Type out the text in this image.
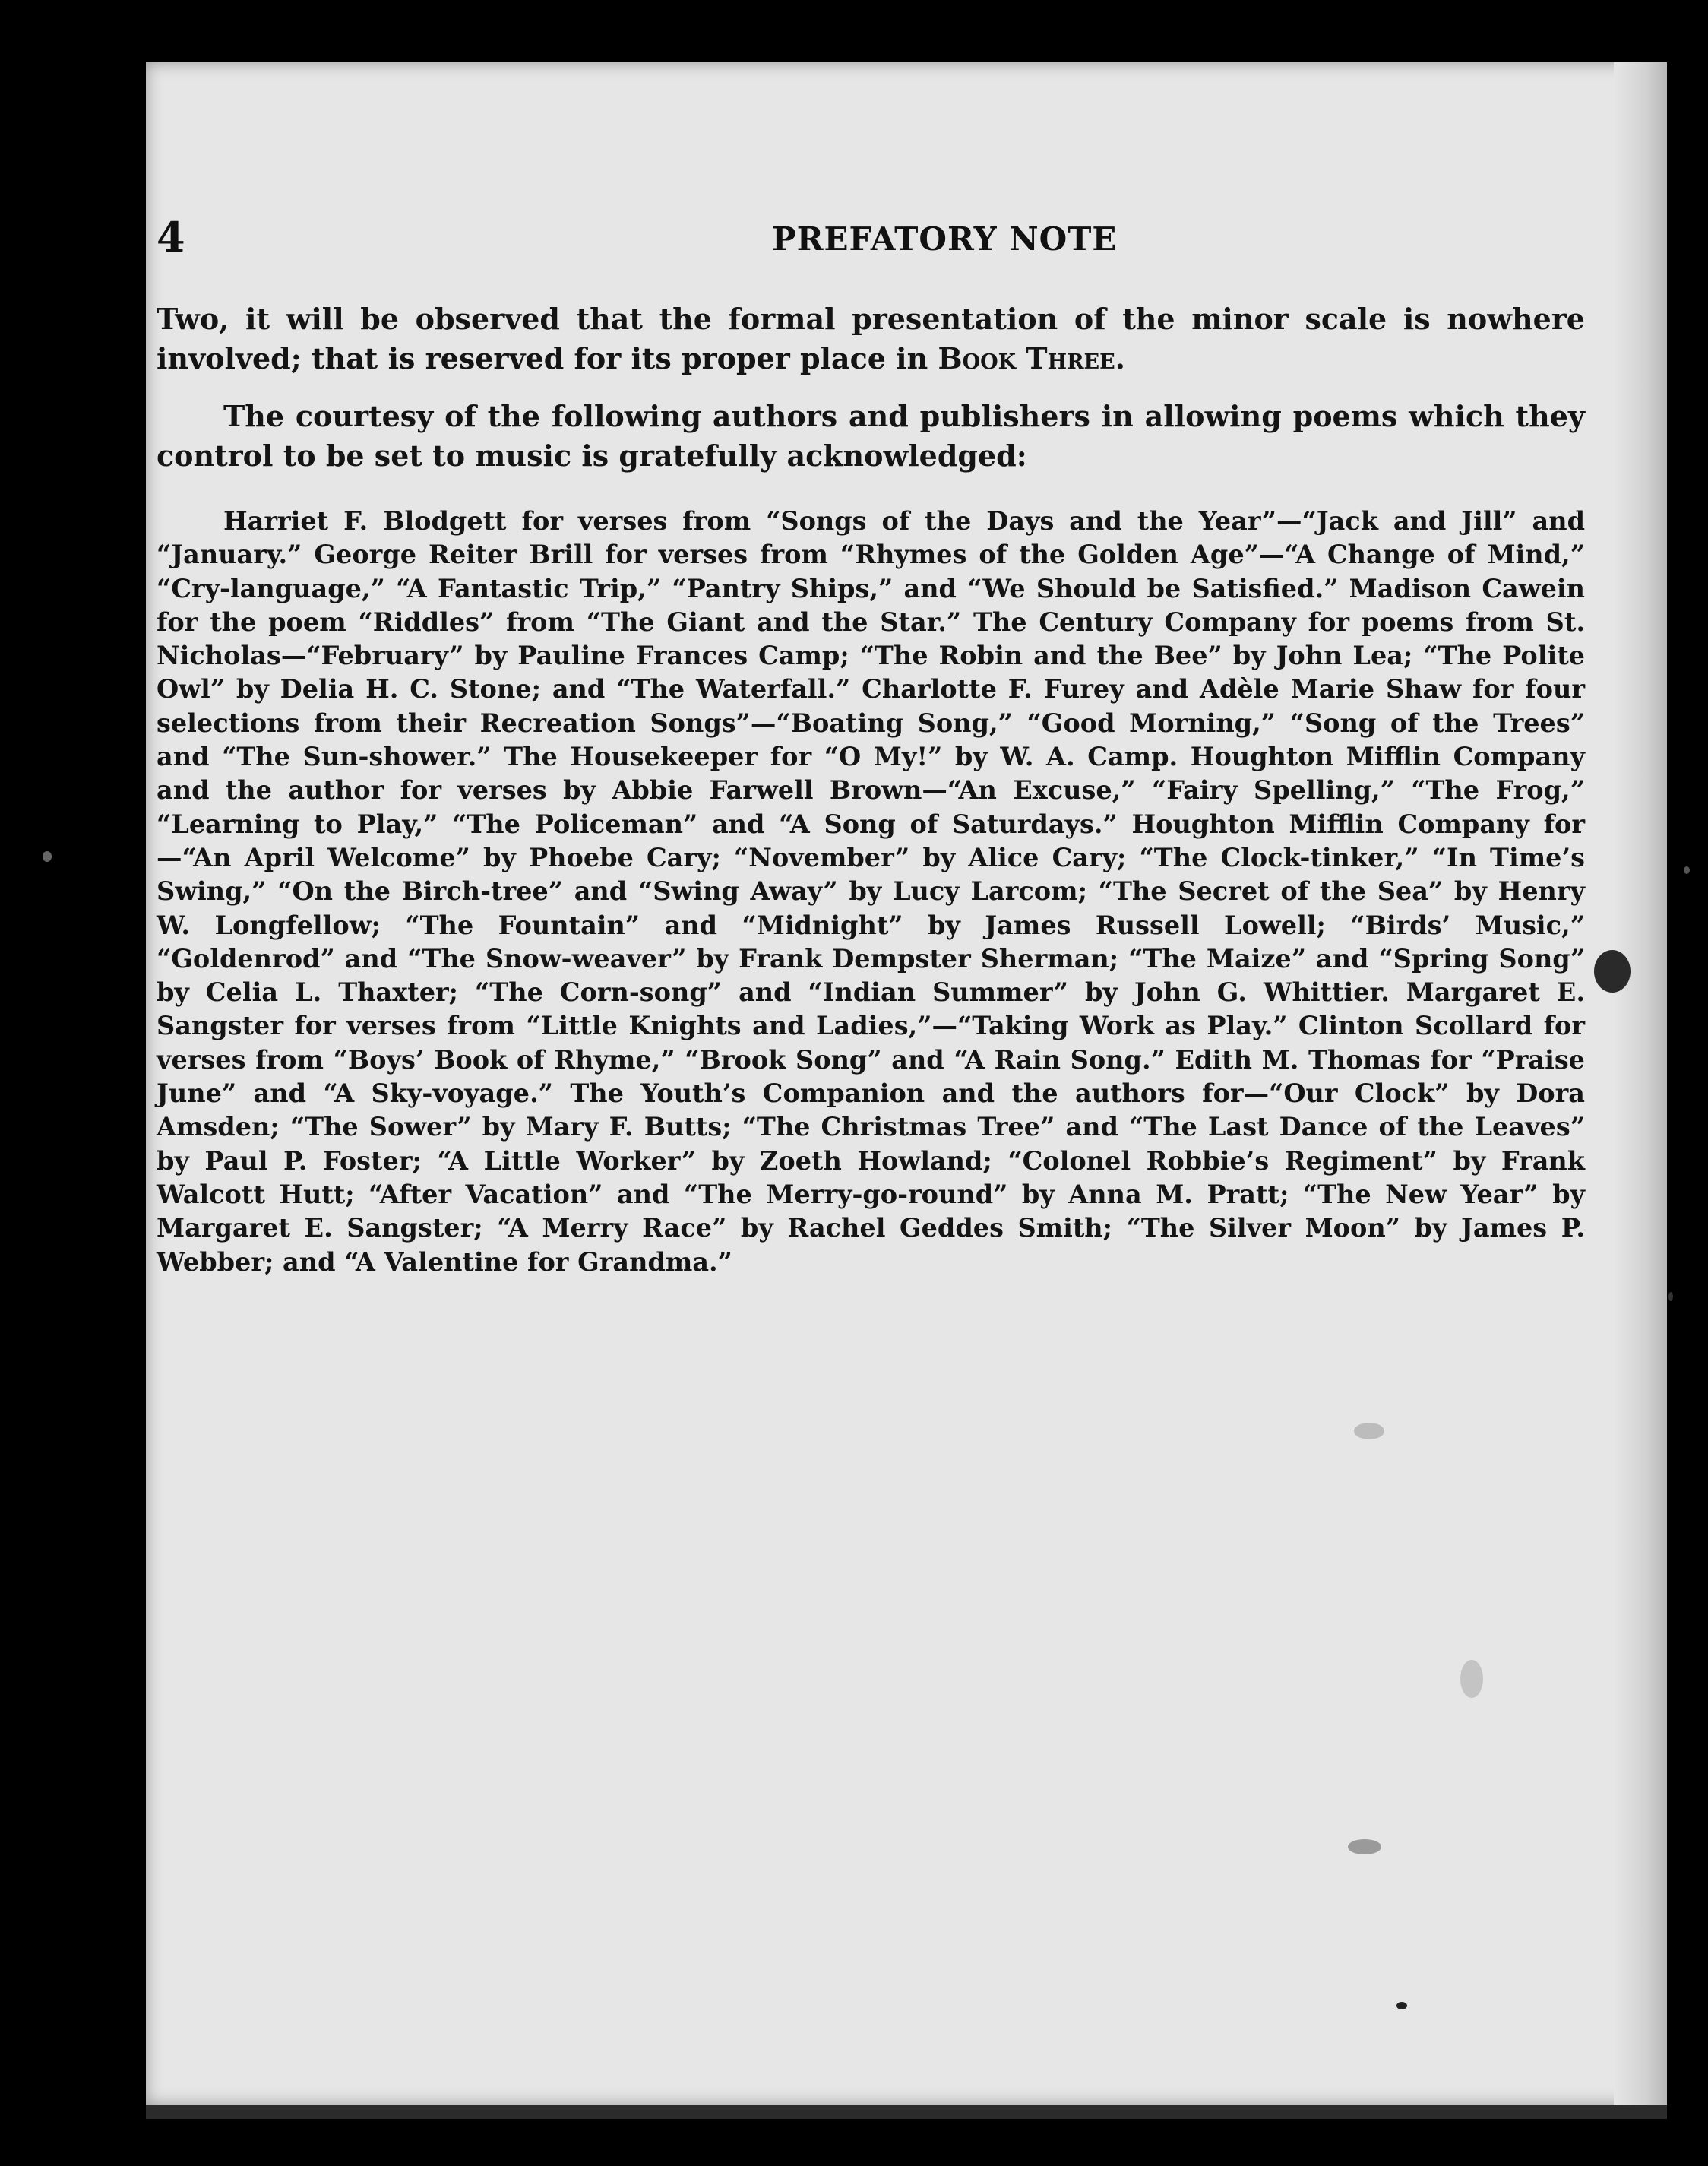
4	PREFATORY NOTE
Two, it will be observed that the formal presentation of the minor scale is nowhere involved; that is reserved for its proper place in Book Three.
The courtesy of the following authors and publishers in allowing poems which they control to be set to music is gratefully acknowledged:
Harriet F. Blodgett for verses from “Songs of the Days and the Year”—“Jack and Jill” and “January.” George Reiter Brill for verses from “Rhymes of the Golden Age”—“A Change of Mind,” “Cry-language,” “A Fantastic Trip,” “Pantry Ships,” and “We Should be Satisfied.” Madison Cawein for the poem “Riddles” from “The Giant and the Star.” The Century Company for poems from St. Nicholas—“February” by Pauline Frances Camp; “The Robin and the Bee” by John Lea; “The Polite Owl” by Delia H. C. Stone; and “The Waterfall.” Charlotte F. Furey and Adèle Marie Shaw for four selections from their Recreation Songs”—“Boating Song,” “Good Morning,” “Song of the Trees” and “The Sun-shower.” The Housekeeper for “O My!” by W. A. Camp. Houghton Mifflin Company and the author for verses by Abbie Farwell Brown—“An Excuse,” “Fairy Spelling,” “The Frog,” “Learning to Play,” “The Policeman” and “A Song of Saturdays.” Houghton Mifflin Company for—“An April Welcome” by Phoebe Cary; “November” by Alice Cary; “The Clock-tinker,” “In Time’s Swing,” “On the Birch-tree” and “Swing Away” by Lucy Larcom; “The Secret of the Sea” by Henry W. Longfellow; “The Fountain” and “Midnight” by James Russell Lowell; “Birds’ Music,” “Goldenrod” and “The Snow-weaver” by Frank Dempster Sherman; “The Maize” and “Spring Song” by Celia L. Thaxter; “The Corn-song” and “Indian Summer” by John G. Whittier. Margaret E. Sangster for verses from “Little Knights and Ladies,”—“Taking Work as Play.” Clinton Scollard for verses from “Boys’ Book of Rhyme,” “Brook Song” and “A Rain Song.” Edith M. Thomas for “Praise June” and “A Sky-voyage.” The Youth’s Companion and the authors for—“Our Clock” by Dora Amsden; “The Sower” by Mary F. Butts; “The Christmas Tree” and “The Last Dance of the Leaves” by Paul P. Foster; “A Little Worker” by Zoeth Howland; “Colonel Robbie’s Regiment” by Frank Walcott Hutt; “After Vacation” and “The Merry-go-round” by Anna M. Pratt; “The New Year” by Margaret E. Sangster; “A Merry Race” by Rachel Geddes Smith; “The Silver Moon” by James P. Webber; and “A Valentine for Grandma.”
